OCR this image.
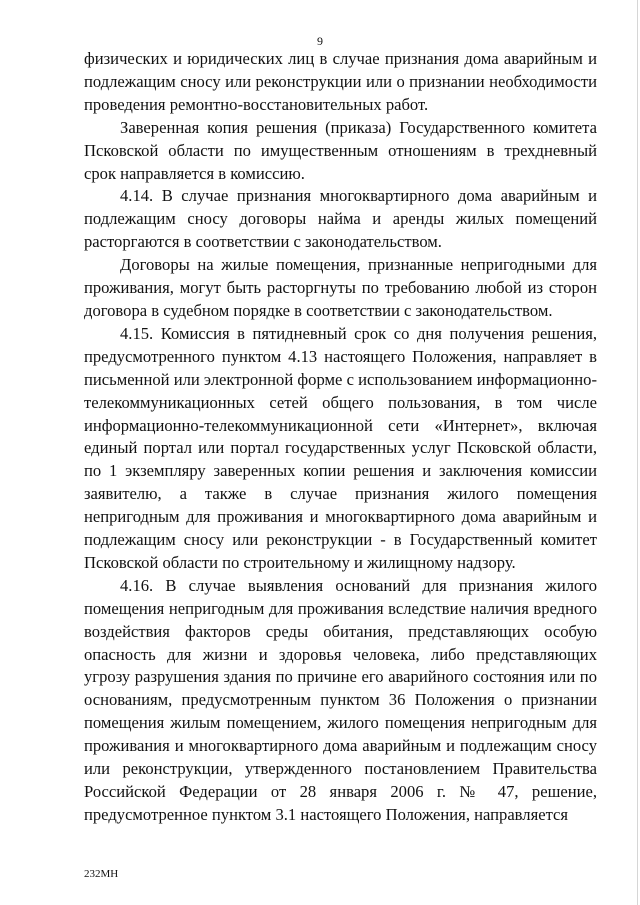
9

физических и юридических лиц в случае признания дома аварийным и подлежащим сносу или реконструкции или о признании необходимости проведения ремонтно-восстановительных работ.

Заверенная копия решения (приказа) Государственного комитета Псковской области по имущественным отношениям в трехдневный срок направляется в комиссию.

4.14. В случае признания многоквартирного дома аварийным и подлежащим сносу договоры найма и аренды жилых помещений расторгаются в соответствии с законодательством.

Договоры на жилые помещения, признанные непригодными для проживания, могут быть расторгнуты по требованию любой из сторон договора в судебном порядке в соответствии с законодательством.

4.15. Комиссия в пятидневный срок со дня получения решения, предусмотренного пунктом 4.13 настоящего Положения, направляет в письменной или электронной форме с использованием информационно-телекоммуникационных сетей общего пользования, в том числе информационно-телекоммуникационной сети «Интернет», включая единый портал или портал государственных услуг Псковской области, по 1 экземпляру заверенных копии решения и заключения комиссии заявителю, а также в случае признания жилого помещения непригодным для проживания и многоквартирного дома аварийным и подлежащим сносу или реконструкции - в Государственный комитет Псковской области по строительному и жилищному надзору.

4.16. В случае выявления оснований для признания жилого помещения непригодным для проживания вследствие наличия вредного воздействия факторов среды обитания, представляющих особую опасность для жизни и здоровья человека, либо представляющих угрозу разрушения здания по причине его аварийного состояния или по основаниям, предусмотренным пунктом 36 Положения о признании помещения жилым помещением, жилого помещения непригодным для проживания и многоквартирного дома аварийным и подлежащим сносу или реконструкции, утвержденного постановлением Правительства Российской Федерации от 28 января 2006 г. № 47, решение, предусмотренное пунктом 3.1 настоящего Положения, направляется

232МН
